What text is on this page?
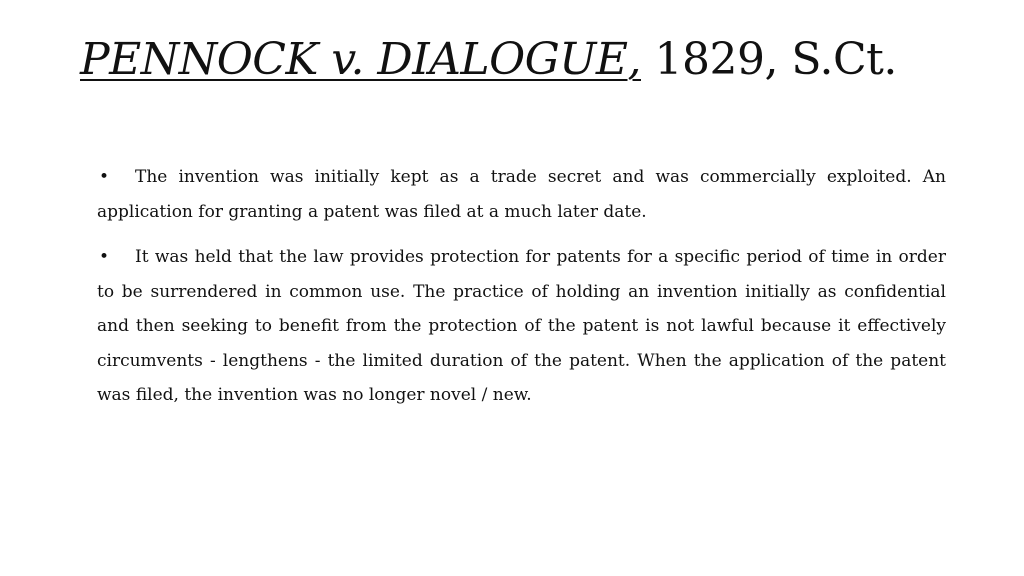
PENNOCK v. DIALOGUE, 1829, S.Ct.

• The invention was initially kept as a trade secret and was commercially exploited. An application for granting a patent was filed at a much later date.

• It was held that the law provides protection for patents for a specific period of time in order to be surrendered in common use. The practice of holding an invention initially as confidential and then seeking to benefit from the protection of the patent is not lawful because it effectively circumvents - lengthens - the limited duration of the patent. When the application of the patent was filed, the invention was no longer novel / new.
